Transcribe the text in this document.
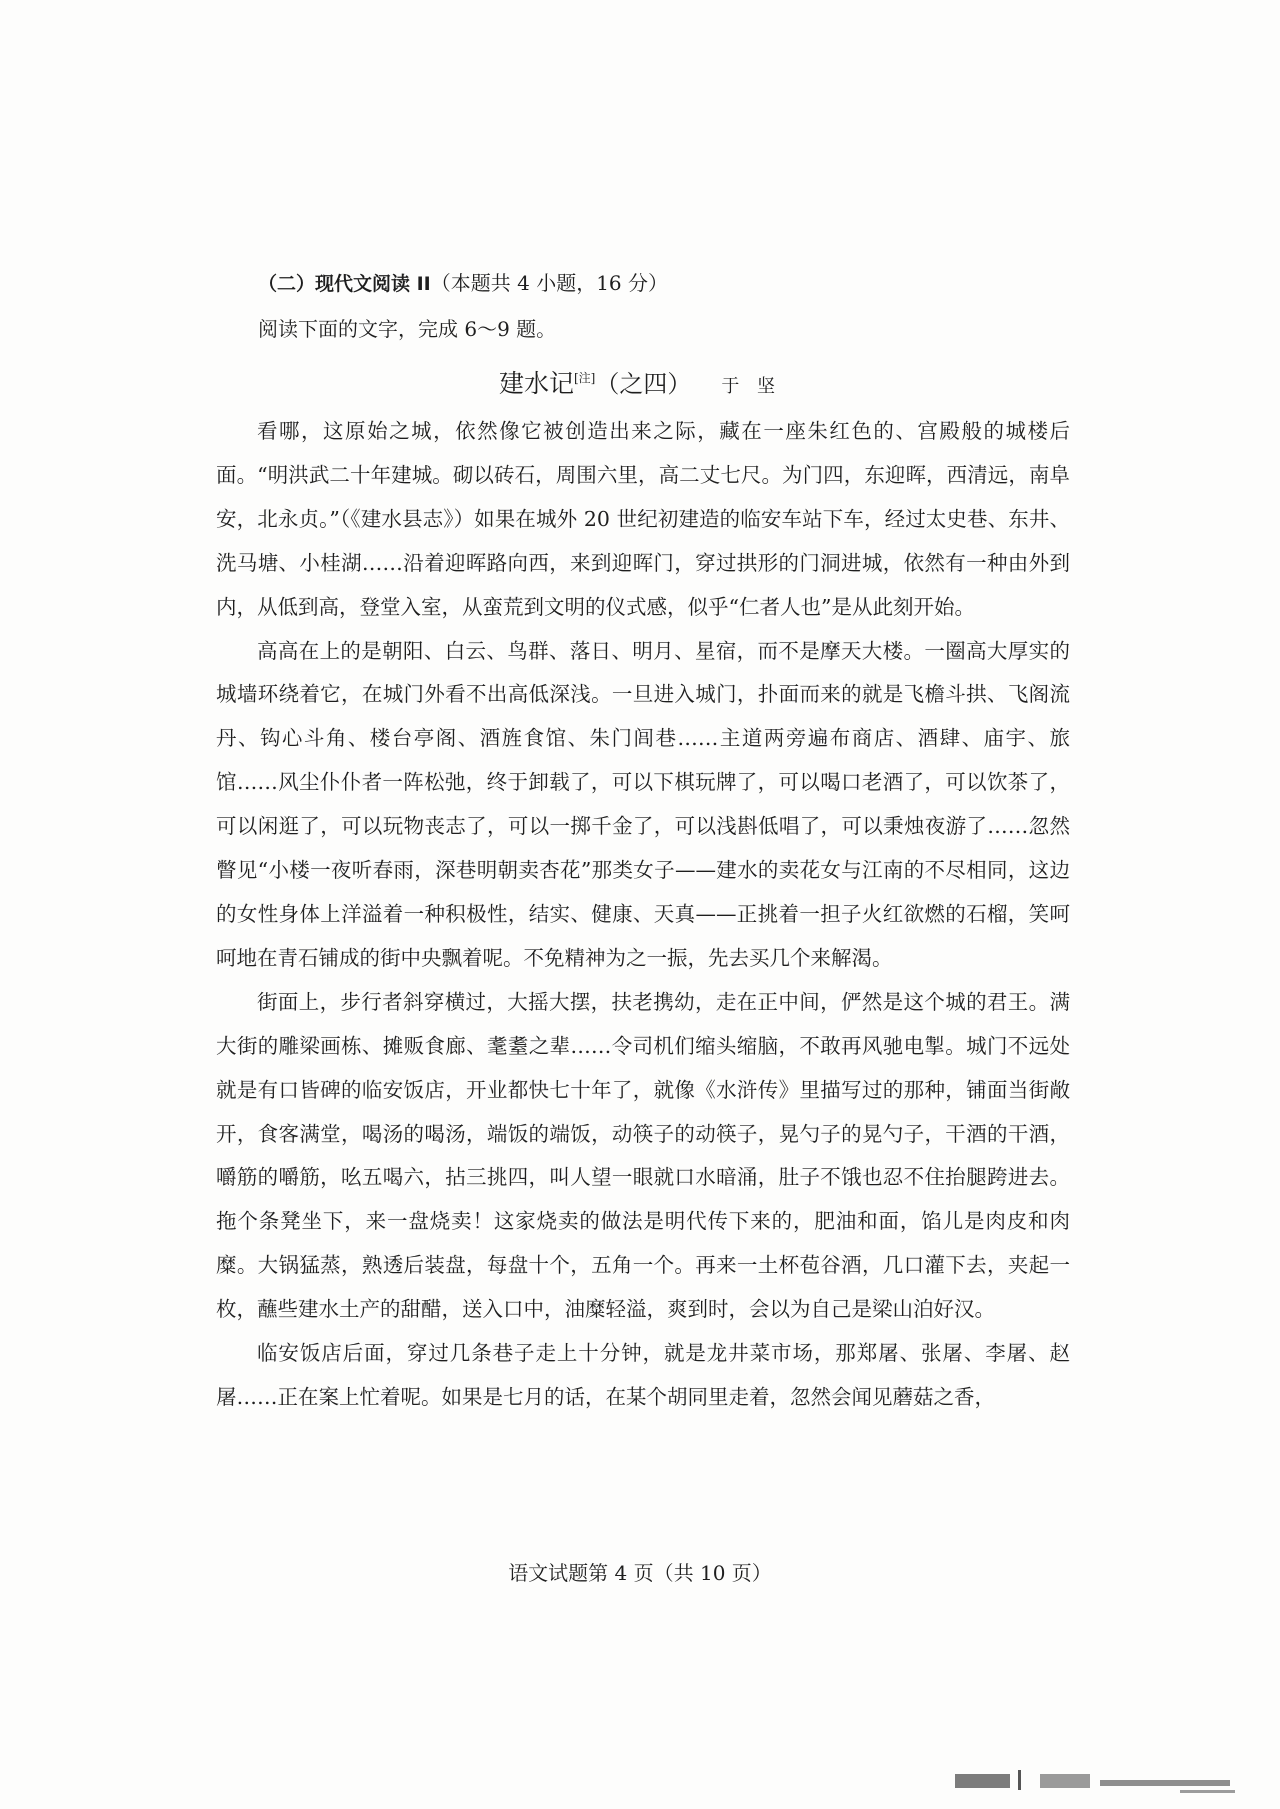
（二）现代文阅读 II（本题共 4 小题，16 分）
阅读下面的文字，完成 6～9 题。
建水记[注]（之四） 于 坚

看哪，这原始之城，依然像它被创造出来之际，藏在一座朱红色的、宫殿般的城楼后面。“明洪武二十年建城。砌以砖石，周围六里，高二丈七尺。为门四，东迎晖，西清远，南阜安，北永贞。”（《建水县志》）如果在城外 20 世纪初建造的临安车站下车，经过太史巷、东井、洗马塘、小桂湖……沿着迎晖路向西，来到迎晖门，穿过拱形的门洞进城，依然有一种由外到内，从低到高，登堂入室，从蛮荒到文明的仪式感，似乎“仁者人也”是从此刻开始。

高高在上的是朝阳、白云、鸟群、落日、明月、星宿，而不是摩天大楼。一圈高大厚实的城墙环绕着它，在城门外看不出高低深浅。一旦进入城门，扑面而来的就是飞檐斗拱、飞阁流丹、钩心斗角、楼台亭阁、酒旌食馆、朱门闾巷……主道两旁遍布商店、酒肆、庙宇、旅馆……风尘仆仆者一阵松弛，终于卸载了，可以下棋玩牌了，可以喝口老酒了，可以饮茶了，可以闲逛了，可以玩物丧志了，可以一掷千金了，可以浅斟低唱了，可以秉烛夜游了……忽然瞥见“小楼一夜听春雨，深巷明朝卖杏花”那类女子——建水的卖花女与江南的不尽相同，这边的女性身体上洋溢着一种积极性，结实、健康、天真——正挑着一担子火红欲燃的石榴，笑呵呵地在青石铺成的街中央飘着呢。不免精神为之一振，先去买几个来解渴。

街面上，步行者斜穿横过，大摇大摆，扶老携幼，走在正中间，俨然是这个城的君王。满大街的雕梁画栋、摊贩食廊、耄耋之辈……令司机们缩头缩脑，不敢再风驰电掣。城门不远处就是有口皆碑的临安饭店，开业都快七十年了，就像《水浒传》里描写过的那种，铺面当街敞开，食客满堂，喝汤的喝汤，端饭的端饭，动筷子的动筷子，晃勺子的晃勺子，干酒的干酒，嚼筋的嚼筋，吆五喝六，拈三挑四，叫人望一眼就口水暗涌，肚子不饿也忍不住抬腿跨进去。拖个条凳坐下，来一盘烧卖！这家烧卖的做法是明代传下来的，肥油和面，馅儿是肉皮和肉糜。大锅猛蒸，熟透后装盘，每盘十个，五角一个。再来一土杯苞谷酒，几口灌下去，夹起一枚，蘸些建水土产的甜醋，送入口中，油糜轻溢，爽到时，会以为自己是梁山泊好汉。

临安饭店后面，穿过几条巷子走上十分钟，就是龙井菜市场，那郑屠、张屠、李屠、赵屠……正在案上忙着呢。如果是七月的话，在某个胡同里走着，忽然会闻见蘑菇之香，

语文试题第 4 页（共 10 页）
